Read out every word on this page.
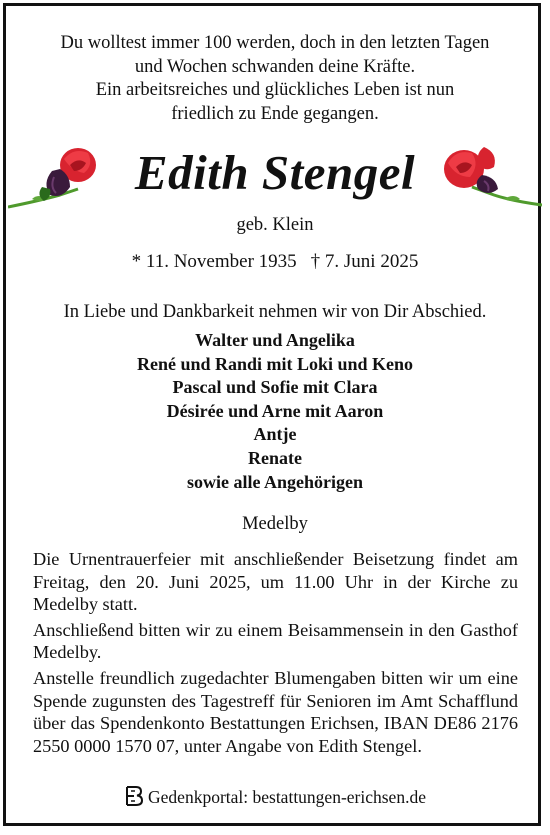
Du wolltest immer 100 werden, doch in den letzten Tagen
und Wochen schwanden deine Kräfte.
Ein arbeitsreiches und glückliches Leben ist nun
friedlich zu Ende gegangen.
Edith Stengel
geb. Klein
* 11. November 1935 † 7. Juni 2025
In Liebe und Dankbarkeit nehmen wir von Dir Abschied.
Walter und Angelika
René und Randi mit Loki und Keno
Pascal und Sofie mit Clara
Désirée und Arne mit Aaron
Antje
Renate
sowie alle Angehörigen
Medelby

Die Urnentrauerfeier mit anschließender Beisetzung findet am Freitag, den 20. Juni 2025, um 11.00 Uhr in der Kirche zu Medelby statt.

Anschließend bitten wir zu einem Beisammensein in den Gasthof Medelby.

Anstelle freundlich zugedachter Blumengaben bitten wir um eine Spende zugunsten des Tagestreff für Senioren im Amt Schafflund über das Spendenkonto Bestattungen Erichsen, IBAN DE86 2176 2550 0000 1570 07, unter Angabe von Edith Stengel.

Gedenkportal: bestattungen-erichsen.de
